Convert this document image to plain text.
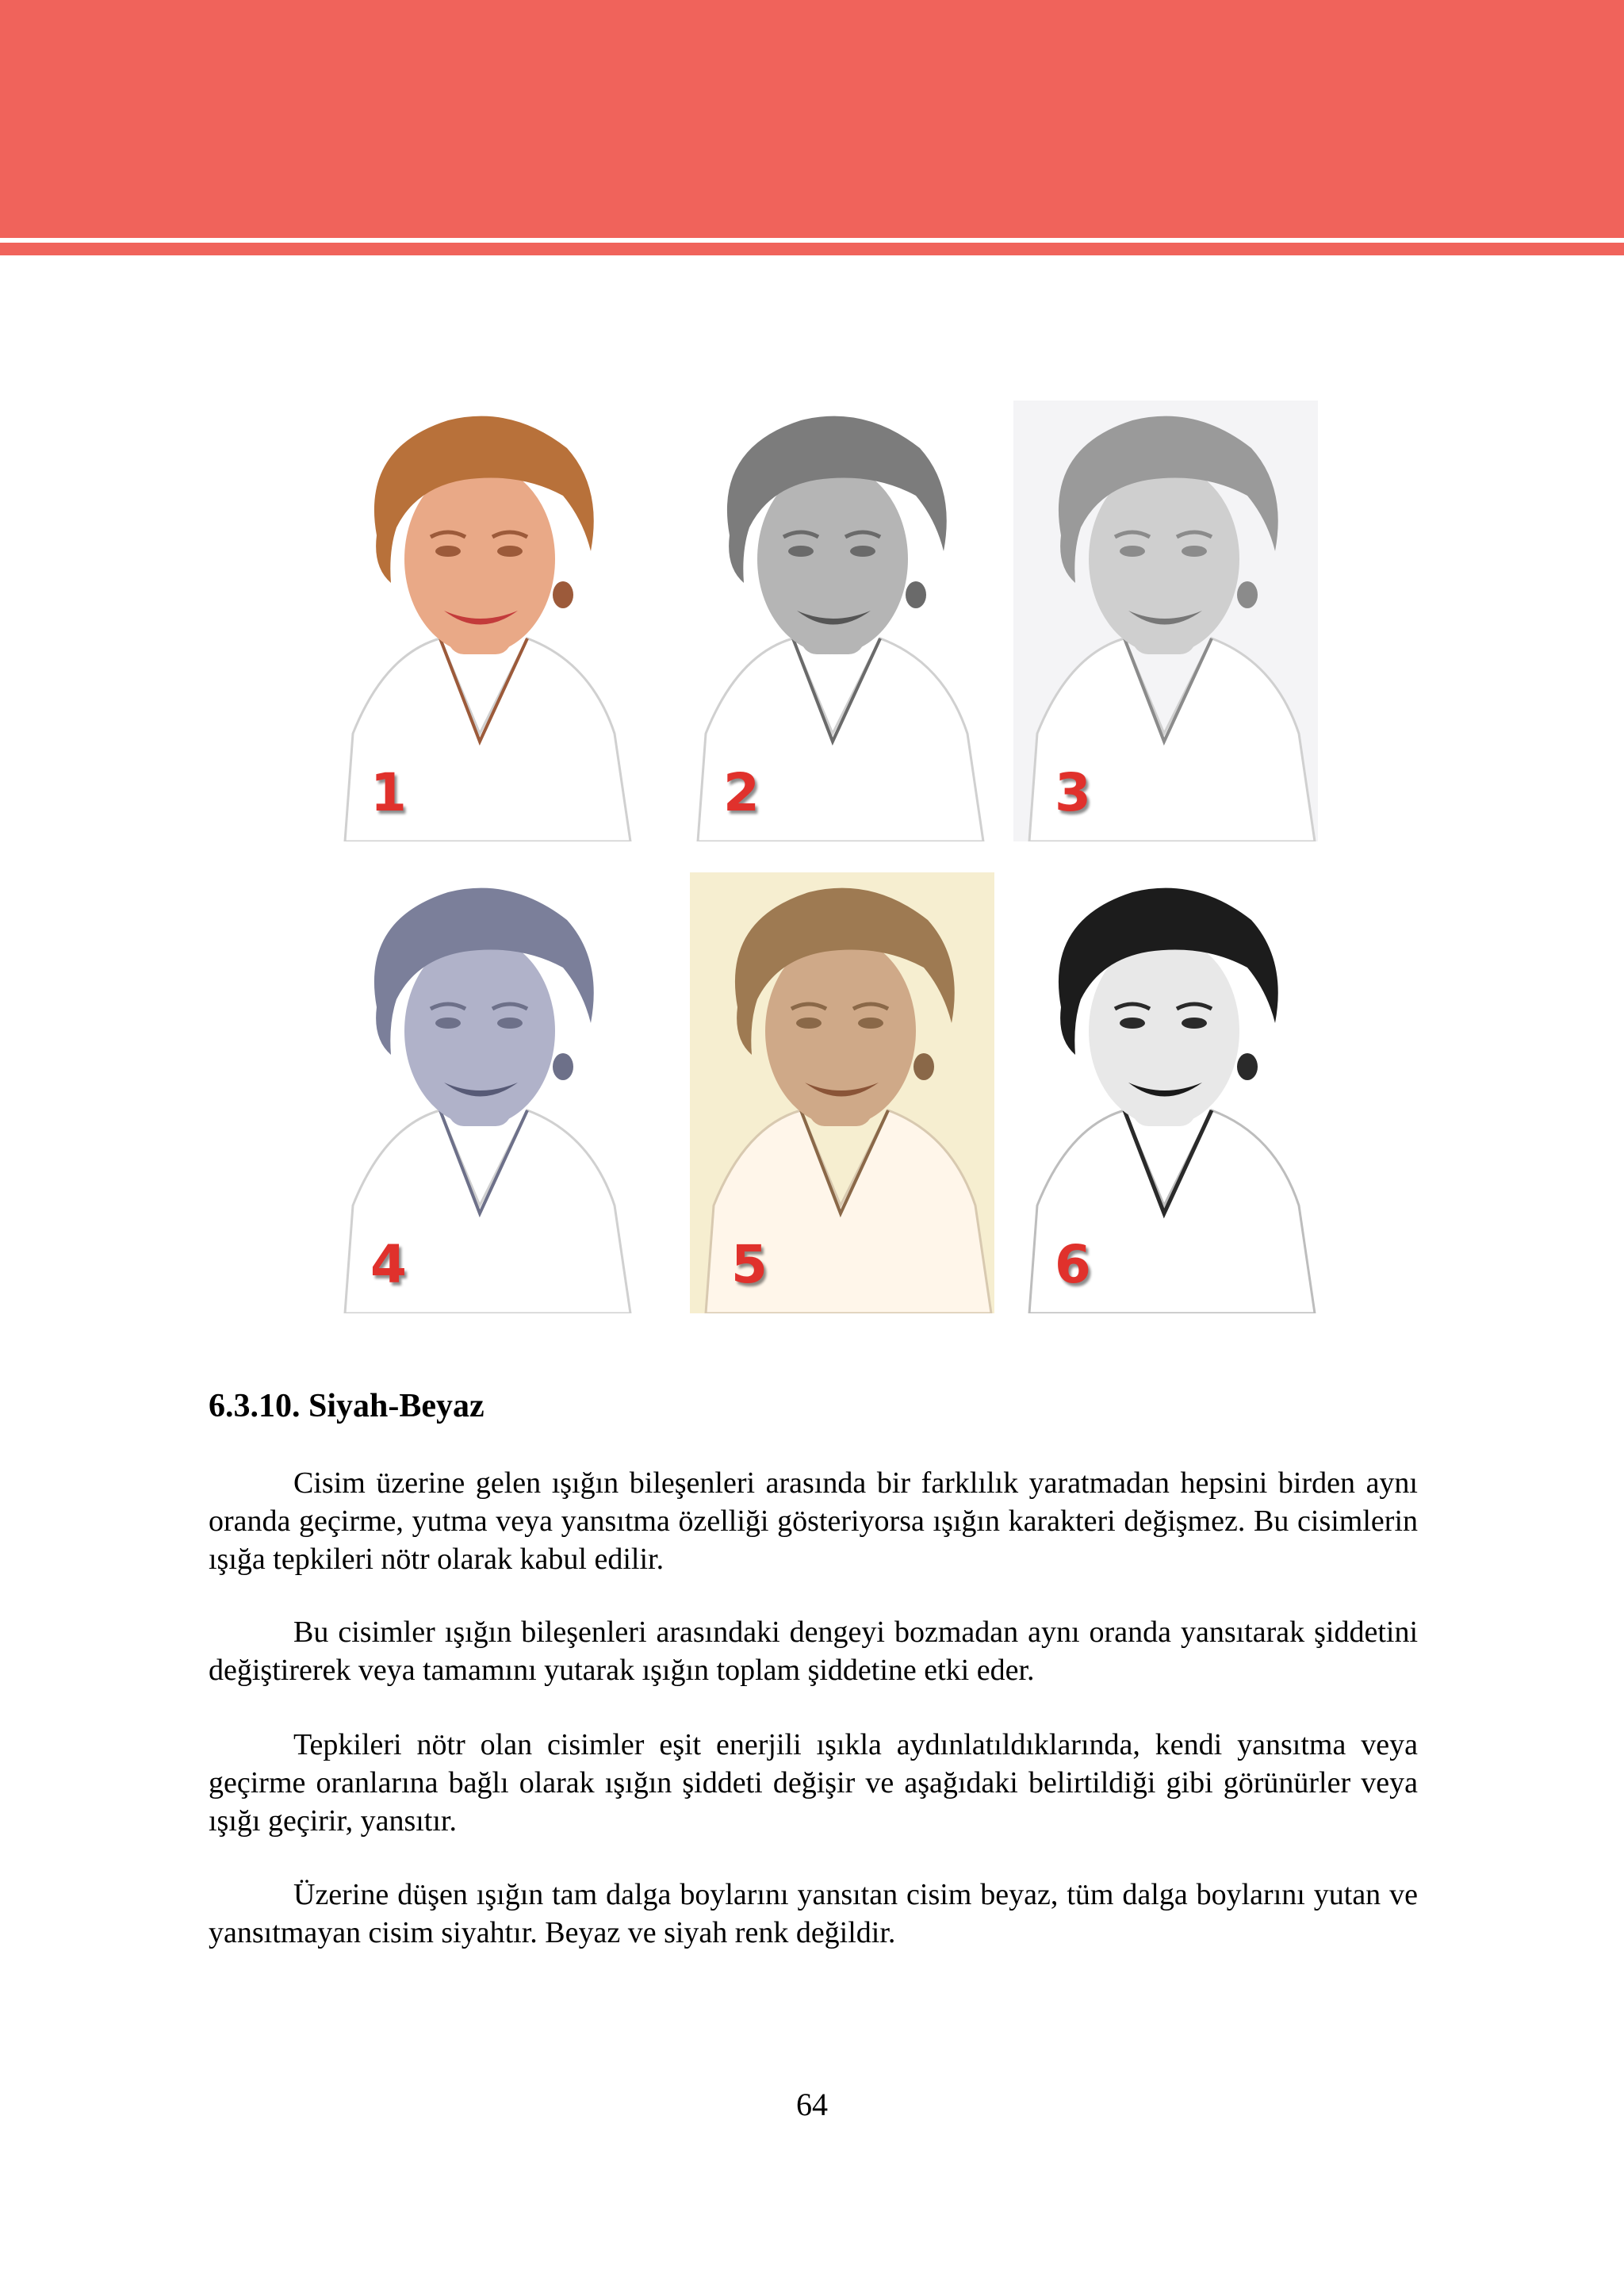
1	2	3
4	5	6
6.3.10. Siyah-Beyaz

Cisim üzerine gelen ışığın bileşenleri arasında bir farklılık yaratmadan hepsini birden aynı oranda geçirme, yutma veya yansıtma özelliği gösteriyorsa ışığın karakteri değişmez. Bu cisimlerin ışığa tepkileri nötr olarak kabul edilir.

Bu cisimler ışığın bileşenleri arasındaki dengeyi bozmadan aynı oranda yansıtarak şiddetini değiştirerek veya tamamını yutarak ışığın toplam şiddetine etki eder.

Tepkileri nötr olan cisimler eşit enerjili ışıkla aydınlatıldıklarında, kendi yansıtma veya geçirme oranlarına bağlı olarak ışığın şiddeti değişir ve aşağıdaki belirtildiği gibi görünürler veya ışığı geçirir, yansıtır.

Üzerine düşen ışığın tam dalga boylarını yansıtan cisim beyaz, tüm dalga boylarını yutan ve yansıtmayan cisim siyahtır. Beyaz ve siyah renk değildir.

64
